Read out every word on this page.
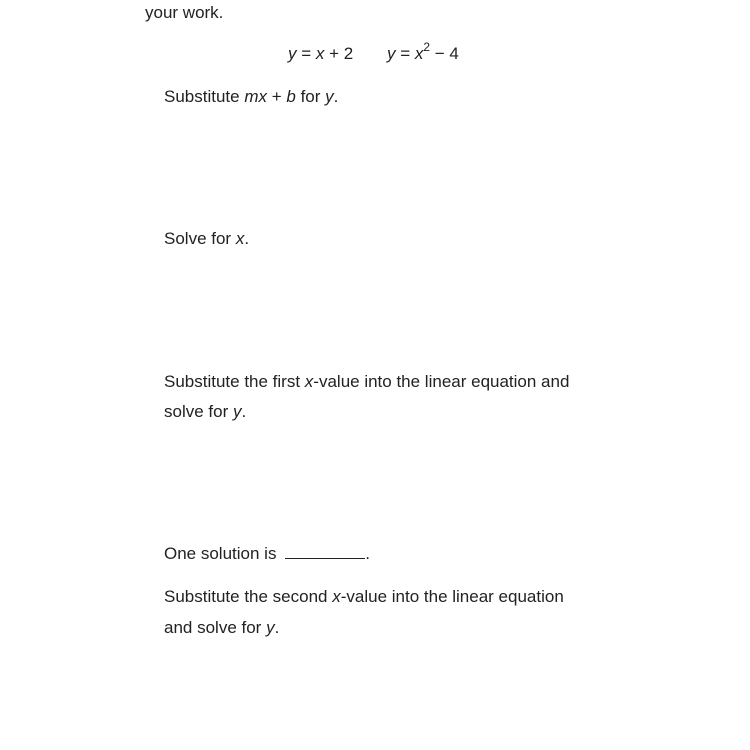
your work.
y = x + 2 $y = x^2 - 4$
Substitute mx + b for y.
Solve for x.
Substitute the first x-value into the linear equation and
solve for y.
One solution is	.
Substitute the second x-value into the linear equation
and solve for y.
